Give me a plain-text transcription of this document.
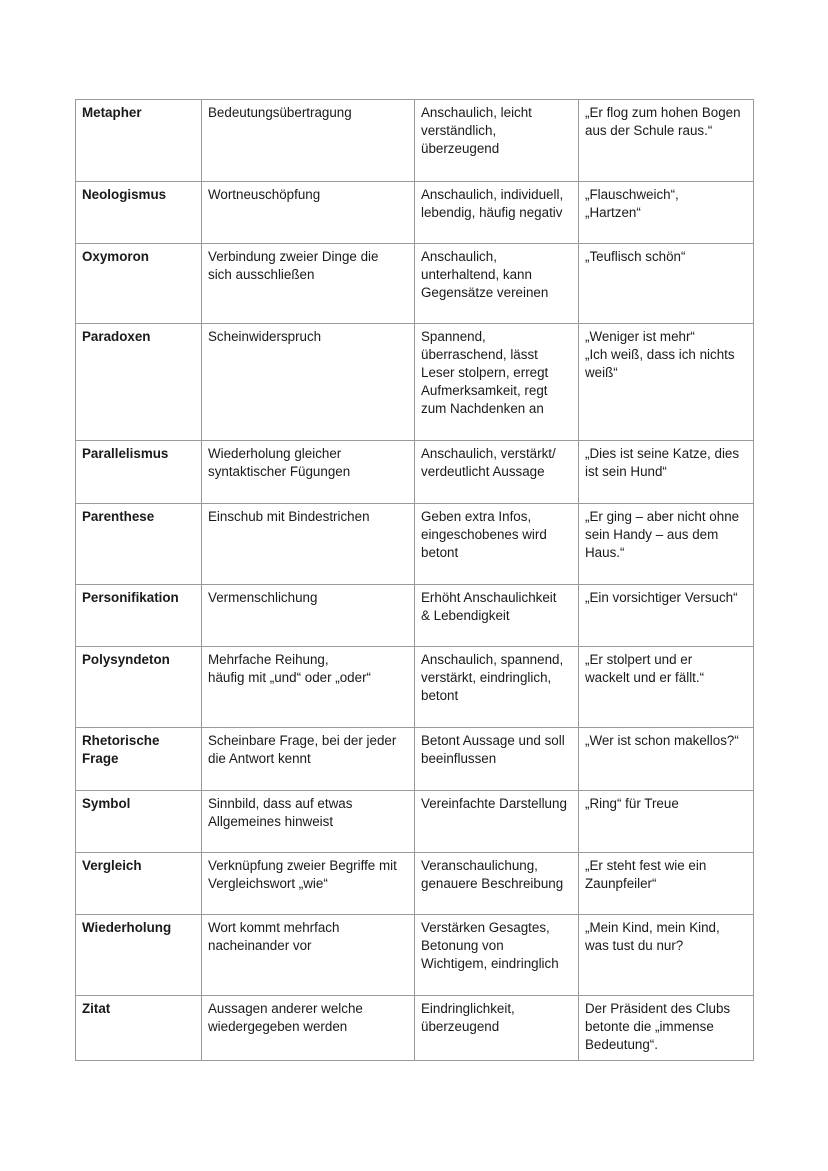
Metapher	Bedeutungsübertragung	Anschaulich, leicht
verständlich,
überzeugend	„Er flog zum hohen Bogen
aus der Schule raus.“
Neologismus	Wortneuschöpfung	Anschaulich, individuell,
lebendig, häufig negativ	„Flauschweich“,
„Hartzen“
Oxymoron	Verbindung zweier Dinge die
sich ausschließen	Anschaulich,
unterhaltend, kann
Gegensätze vereinen	„Teuflisch schön“
Paradoxen	Scheinwiderspruch	Spannend,
überraschend, lässt
Leser stolpern, erregt
Aufmerksamkeit, regt
zum Nachdenken an	„Weniger ist mehr“
„Ich weiß, dass ich nichts
weiß“
Parallelismus	Wiederholung gleicher
syntaktischer Fügungen	Anschaulich, verstärkt/
verdeutlicht Aussage	„Dies ist seine Katze, dies
ist sein Hund“
Parenthese	Einschub mit Bindestrichen	Geben extra Infos,
eingeschobenes wird
betont	„Er ging – aber nicht ohne
sein Handy – aus dem
Haus.“
Personifikation	Vermenschlichung	Erhöht Anschaulichkeit
& Lebendigkeit	„Ein vorsichtiger Versuch“
Polysyndeton	Mehrfache Reihung,
häufig mit „und“ oder „oder“	Anschaulich, spannend,
verstärkt, eindringlich,
betont	„Er stolpert und er
wackelt und er fällt.“
Rhetorische Frage	Scheinbare Frage, bei der jeder
die Antwort kennt	Betont Aussage und soll
beeinflussen	„Wer ist schon makellos?“
Symbol	Sinnbild, dass auf etwas
Allgemeines hinweist	Vereinfachte Darstellung	„Ring“ für Treue
Vergleich	Verknüpfung zweier Begriffe mit
Vergleichswort „wie“	Veranschaulichung,
genauere Beschreibung	„Er steht fest wie ein
Zaunpfeiler“
Wiederholung	Wort kommt mehrfach
nacheinander vor	Verstärken Gesagtes,
Betonung von
Wichtigem, eindringlich	„Mein Kind, mein Kind,
was tust du nur?
Zitat	Aussagen anderer welche
wiedergegeben werden	Eindringlichkeit,
überzeugend	Der Präsident des Clubs
betonte die „immense
Bedeutung“.
